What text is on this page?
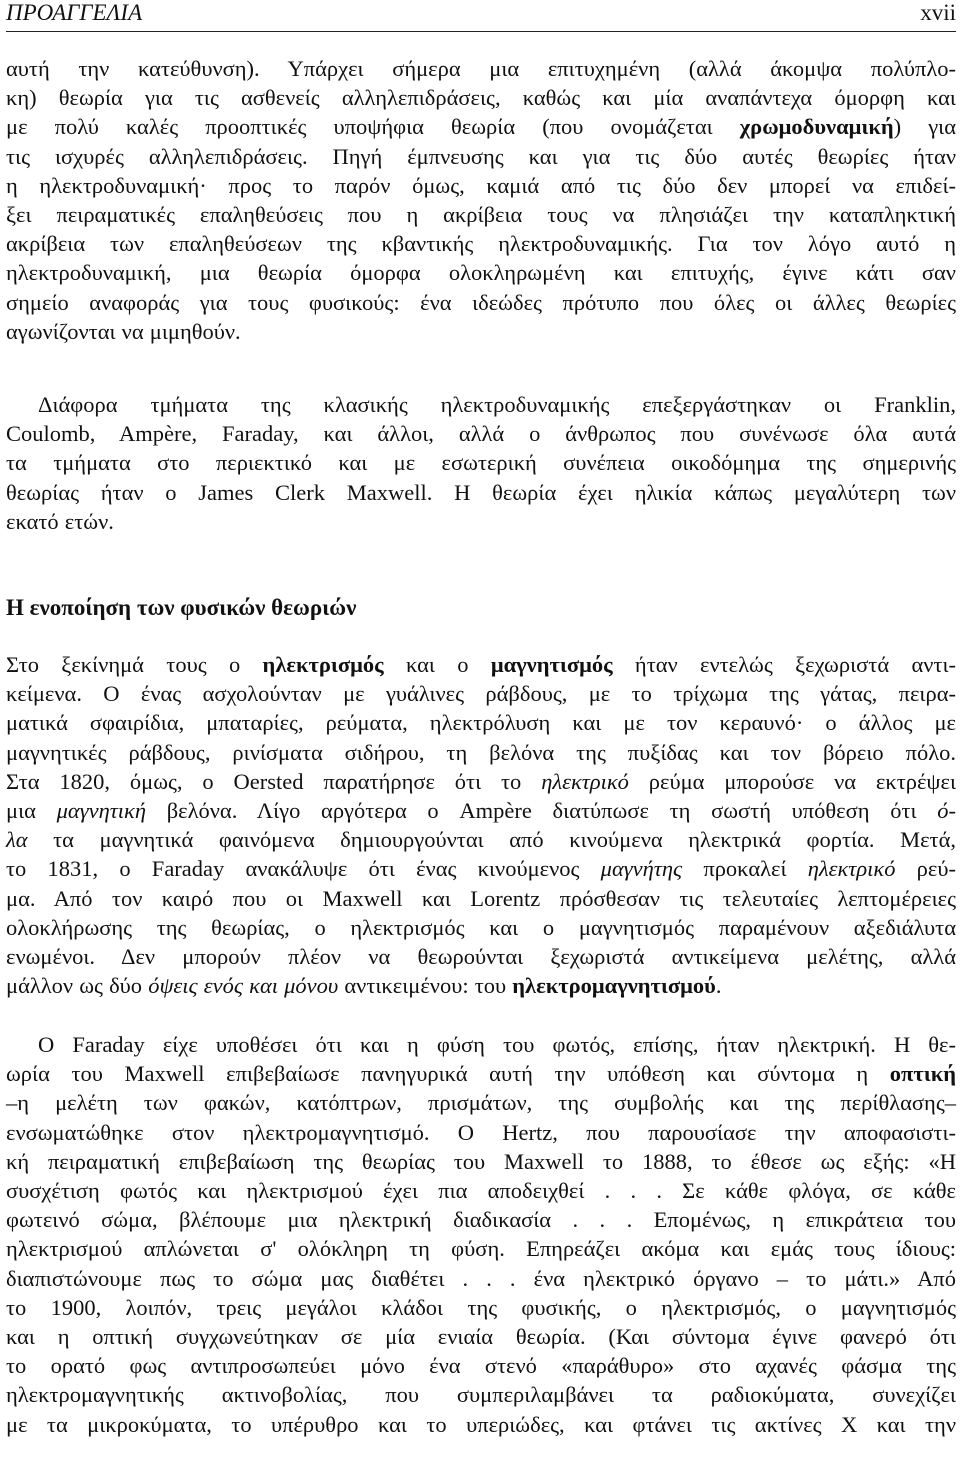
ΠΡΟΑΓΓΕΛΙΑ	xvii
αυτή την κατεύθυνση). Υπάρχει σήμερα μια επιτυχημένη (αλλά άκομψα πολύπλο-
κη) θεωρία για τις ασθενείς αλληλεπιδράσεις, καθώς και μία αναπάντεχα όμορφη και
με πολύ καλές προοπτικές υποψήφια θεωρία (που ονομάζεται χρωμοδυναμική) για
τις ισχυρές αλληλεπιδράσεις. Πηγή έμπνευσης και για τις δύο αυτές θεωρίες ήταν
η ηλεκτροδυναμική· προς το παρόν όμως, καμιά από τις δύο δεν μπορεί να επιδεί-
ξει πειραματικές επαληθεύσεις που η ακρίβεια τους να πλησιάζει την καταπληκτική
ακρίβεια των επαληθεύσεων της κβαντικής ηλεκτροδυναμικής. Για τον λόγο αυτό η
ηλεκτροδυναμική, μια θεωρία όμορφα ολοκληρωμένη και επιτυχής, έγινε κάτι σαν
σημείο αναφοράς για τους φυσικούς: ένα ιδεώδες πρότυπο που όλες οι άλλες θεωρίες
αγωνίζονται να μιμηθούν.
Διάφορα τμήματα της κλασικής ηλεκτροδυναμικής επεξεργάστηκαν οι Franklin,
Coulomb, Ampère, Faraday, και άλλοι, αλλά ο άνθρωπος που συνένωσε όλα αυτά
τα τμήματα στο περιεκτικό και με εσωτερική συνέπεια οικοδόμημα της σημερινής
θεωρίας ήταν ο James Clerk Maxwell. Η θεωρία έχει ηλικία κάπως μεγαλύτερη των
εκατό ετών.
Η ενοποίηση των φυσικών θεωριών
Στο ξεκίνημά τους ο ηλεκτρισμός και ο μαγνητισμός ήταν εντελώς ξεχωριστά αντι-
κείμενα. Ο ένας ασχολούνταν με γυάλινες ράβδους, με το τρίχωμα της γάτας, πειρα-
ματικά σφαιρίδια, μπαταρίες, ρεύματα, ηλεκτρόλυση και με τον κεραυνό· ο άλλος με
μαγνητικές ράβδους, ρινίσματα σιδήρου, τη βελόνα της πυξίδας και τον βόρειο πόλο.
Στα 1820, όμως, ο Oersted παρατήρησε ότι το ηλεκτρικό ρεύμα μπορούσε να εκτρέψει
μια μαγνητική βελόνα. Λίγο αργότερα ο Ampère διατύπωσε τη σωστή υπόθεση ότι ό-
λα τα μαγνητικά φαινόμενα δημιουργούνται από κινούμενα ηλεκτρικά φορτία. Μετά,
το 1831, ο Faraday ανακάλυψε ότι ένας κινούμενος μαγνήτης προκαλεί ηλεκτρικό ρεύ-
μα. Από τον καιρό που οι Maxwell και Lorentz πρόσθεσαν τις τελευταίες λεπτομέρειες
ολοκλήρωσης της θεωρίας, ο ηλεκτρισμός και ο μαγνητισμός παραμένουν αξεδιάλυτα
ενωμένοι. Δεν μπορούν πλέον να θεωρούνται ξεχωριστά αντικείμενα μελέτης, αλλά
μάλλον ως δύο όψεις ενός και μόνου αντικειμένου: του ηλεκτρομαγνητισμού.
Ο Faraday είχε υποθέσει ότι και η φύση του φωτός, επίσης, ήταν ηλεκτρική. Η θε-
ωρία του Maxwell επιβεβαίωσε πανηγυρικά αυτή την υπόθεση και σύντομα η οπτική
–η μελέτη των φακών, κατόπτρων, πρισμάτων, της συμβολής και της περίθλασης–
ενσωματώθηκε στον ηλεκτρομαγνητισμό. Ο Hertz, που παρουσίασε την αποφασιστι-
κή πειραματική επιβεβαίωση της θεωρίας του Maxwell το 1888, το έθεσε ως εξής: «Η
συσχέτιση φωτός και ηλεκτρισμού έχει πια αποδειχθεί . . . Σε κάθε φλόγα, σε κάθε
φωτεινό σώμα, βλέπουμε μια ηλεκτρική διαδικασία . . . Επομένως, η επικράτεια του
ηλεκτρισμού απλώνεται σ' ολόκληρη τη φύση. Επηρεάζει ακόμα και εμάς τους ίδιους:
διαπιστώνουμε πως το σώμα μας διαθέτει . . . ένα ηλεκτρικό όργανο – το μάτι.» Από
το 1900, λοιπόν, τρεις μεγάλοι κλάδοι της φυσικής, ο ηλεκτρισμός, ο μαγνητισμός
και η οπτική συγχωνεύτηκαν σε μία ενιαία θεωρία. (Και σύντομα έγινε φανερό ότι
το ορατό φως αντιπροσωπεύει μόνο ένα στενό «παράθυρο» στο αχανές φάσμα της
ηλεκτρομαγνητικής ακτινοβολίας, που συμπεριλαμβάνει τα ραδιοκύματα, συνεχίζει
με τα μικροκύματα, το υπέρυθρο και το υπεριώδες, και φτάνει τις ακτίνες X και την
